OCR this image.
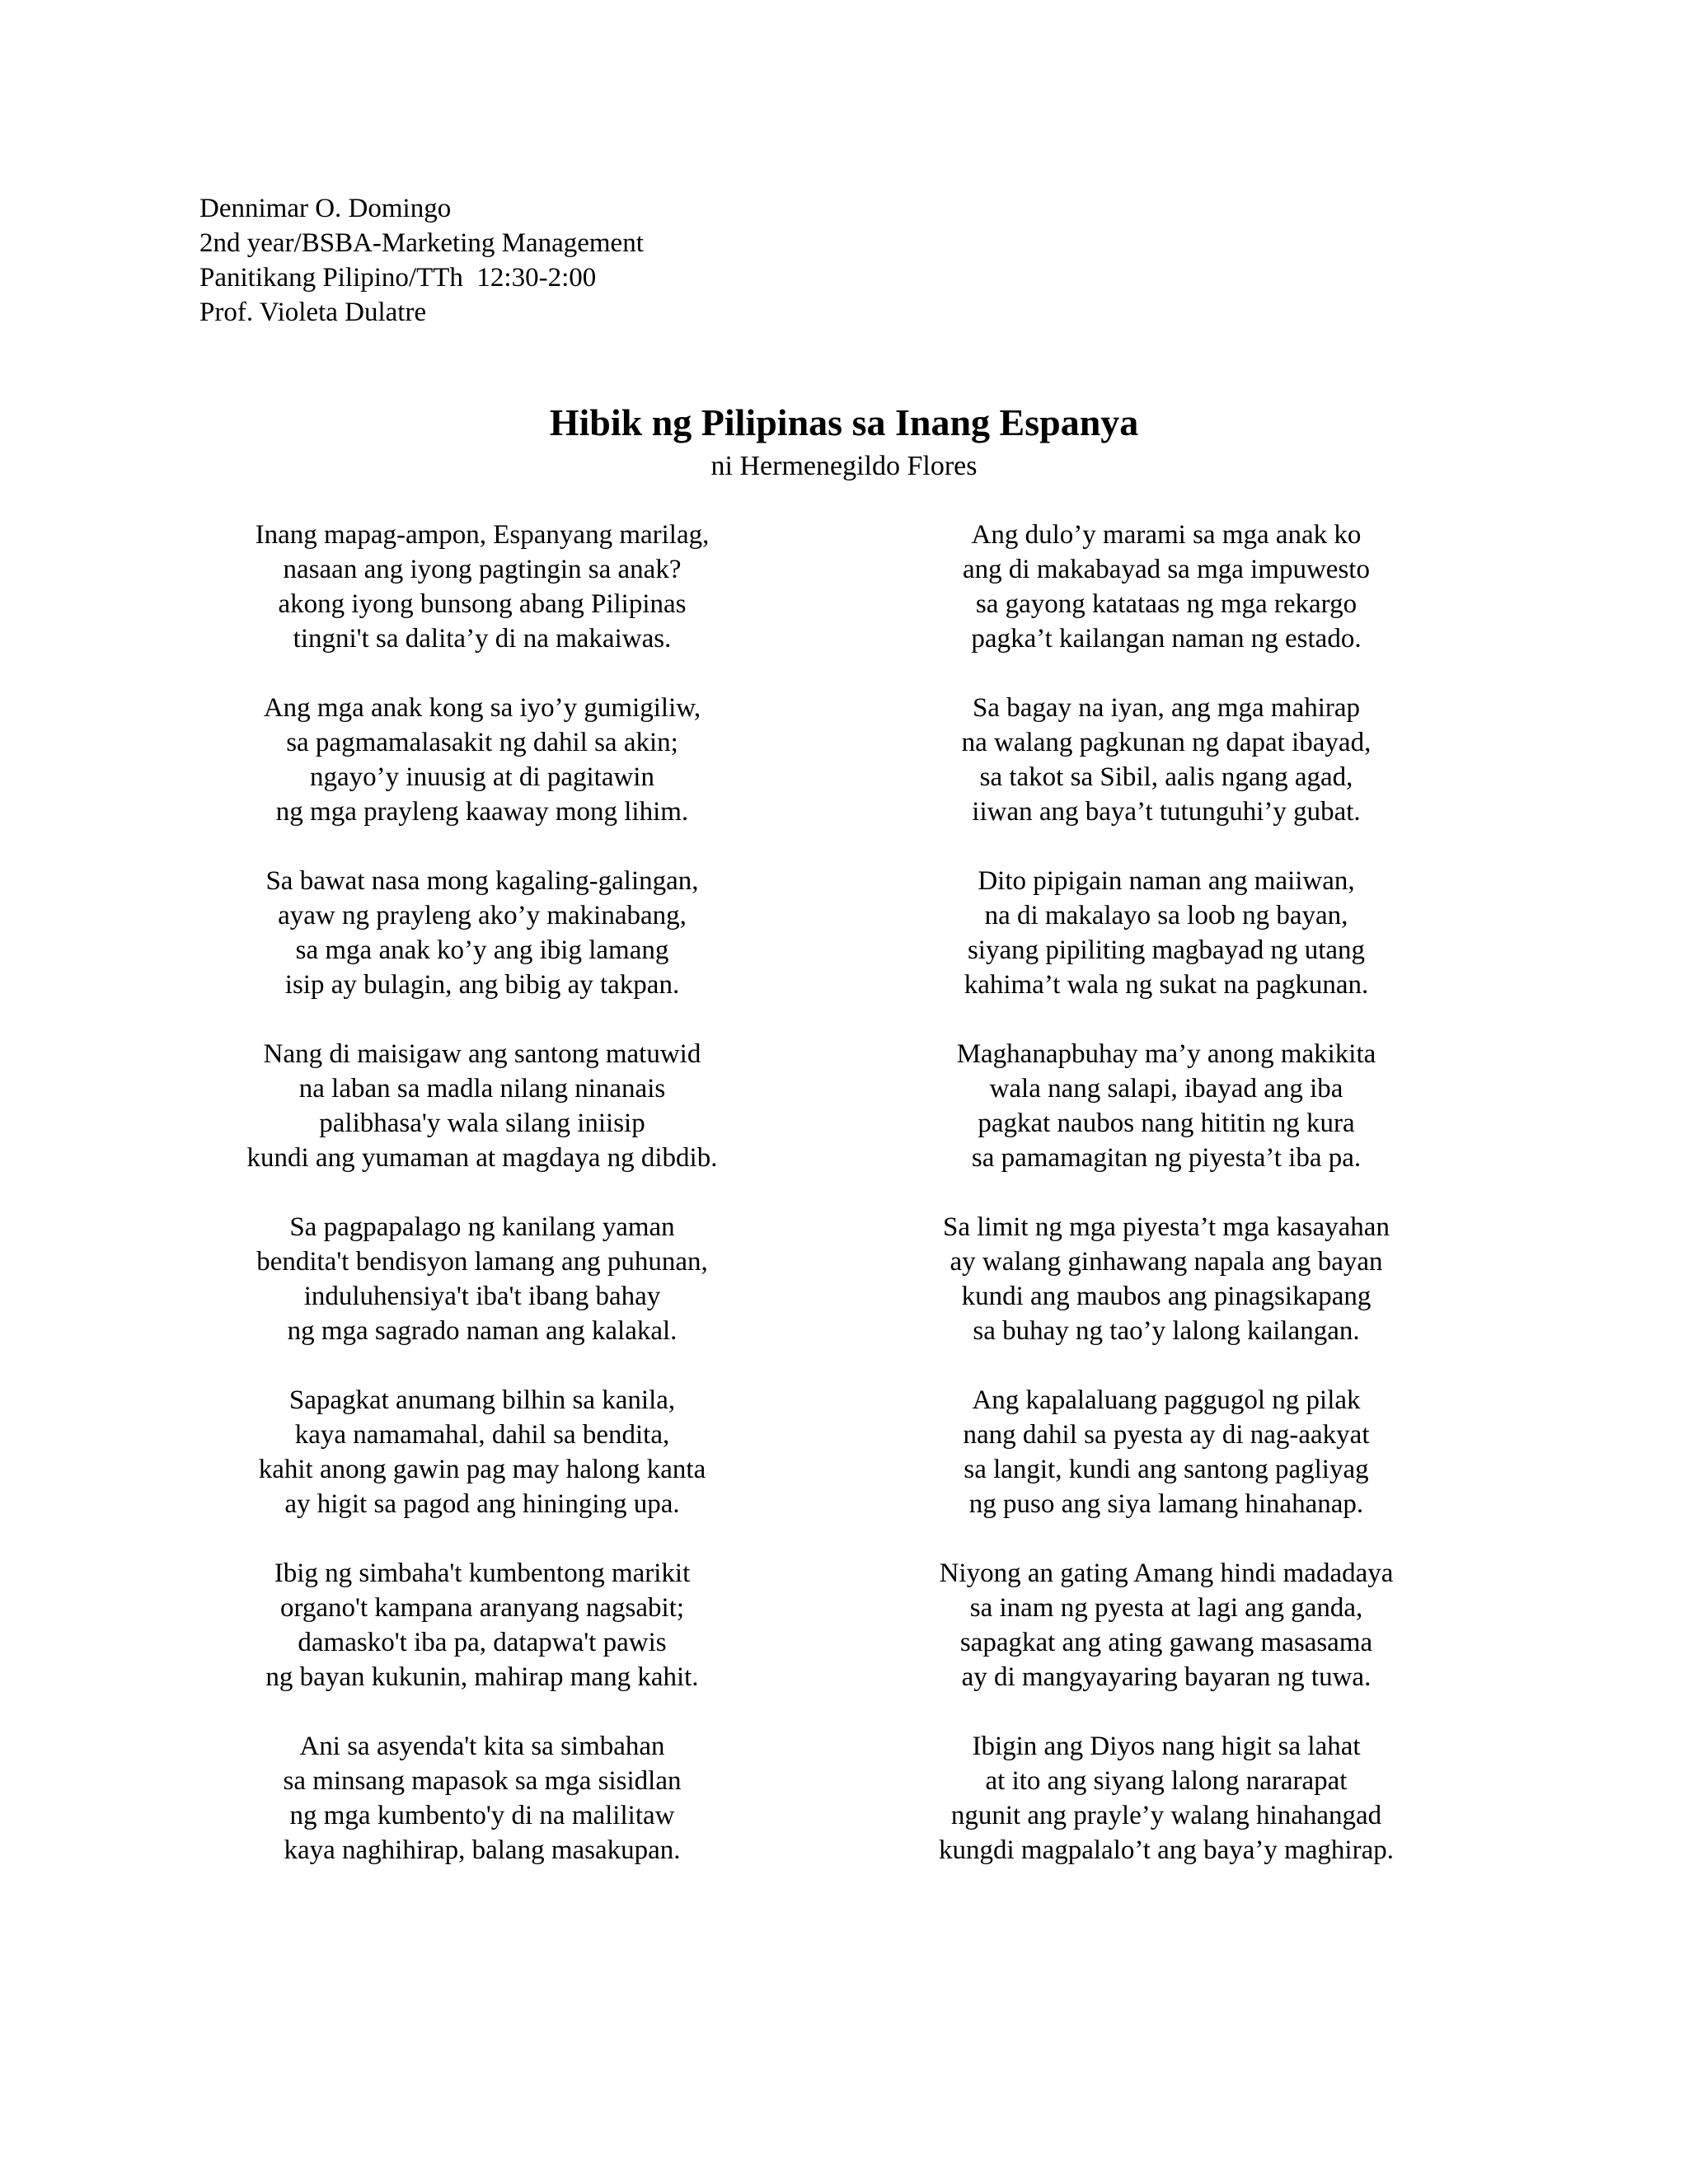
Dennimar O. Domingo
2nd year/BSBA-Marketing Management
Panitikang Pilipino/TTh  12:30-2:00
Prof. Violeta Dulatre
Hibik ng Pilipinas sa Inang Espanya
ni Hermenegildo Flores
Inang mapag-ampon, Espanyang marilag,
nasaan ang iyong pagtingin sa anak?
akong iyong bunsong abang Pilipinas
tingni't sa dalita’y di na makaiwas.
Ang mga anak kong sa iyo’y gumigiliw,
sa pagmamalasakit ng dahil sa akin;
ngayo’y inuusig at di pagitawin
ng mga prayleng kaaway mong lihim.
Sa bawat nasa mong kagaling-galingan,
ayaw ng prayleng ako’y makinabang,
sa mga anak ko’y ang ibig lamang
isip ay bulagin, ang bibig ay takpan.
Nang di maisigaw ang santong matuwid
na laban sa madla nilang ninanais
palibhasa'y wala silang iniisip
kundi ang yumaman at magdaya ng dibdib.
Sa pagpapalago ng kanilang yaman
bendita't bendisyon lamang ang puhunan,
induluhensiya't iba't ibang bahay
ng mga sagrado naman ang kalakal.
Sapagkat anumang bilhin sa kanila,
kaya namamahal, dahil sa bendita,
kahit anong gawin pag may halong kanta
ay higit sa pagod ang hininging upa.
Ibig ng simbaha't kumbentong marikit
organo't kampana aranyang nagsabit;
damasko't iba pa, datapwa't pawis
ng bayan kukunin, mahirap mang kahit.
Ani sa asyenda't kita sa simbahan
sa minsang mapasok sa mga sisidlan
ng mga kumbento'y di na malilitaw
kaya naghihirap, balang masakupan.
Ang dulo’y marami sa mga anak ko
ang di makabayad sa mga impuwesto
sa gayong katataas ng mga rekargo
pagka’t kailangan naman ng estado.
Sa bagay na iyan, ang mga mahirap
na walang pagkunan ng dapat ibayad,
sa takot sa Sibil, aalis ngang agad,
iiwan ang baya’t tutunguhi’y gubat.
Dito pipigain naman ang maiiwan,
na di makalayo sa loob ng bayan,
siyang pipiliting magbayad ng utang
kahima’t wala ng sukat na pagkunan.
Maghanapbuhay ma’y anong makikita
wala nang salapi, ibayad ang iba
pagkat naubos nang hititin ng kura
sa pamamagitan ng piyesta’t iba pa.
Sa limit ng mga piyesta’t mga kasayahan
ay walang ginhawang napala ang bayan
kundi ang maubos ang pinagsikapang
sa buhay ng tao’y lalong kailangan.
Ang kapalaluang paggugol ng pilak
nang dahil sa pyesta ay di nag-aakyat
sa langit, kundi ang santong pagliyag
ng puso ang siya lamang hinahanap.
Niyong an gating Amang hindi madadaya
sa inam ng pyesta at lagi ang ganda,
sapagkat ang ating gawang masasama
ay di mangyayaring bayaran ng tuwa.
Ibigin ang Diyos nang higit sa lahat
at ito ang siyang lalong nararapat
ngunit ang prayle’y walang hinahangad
kungdi magpalalo’t ang baya’y maghirap.
